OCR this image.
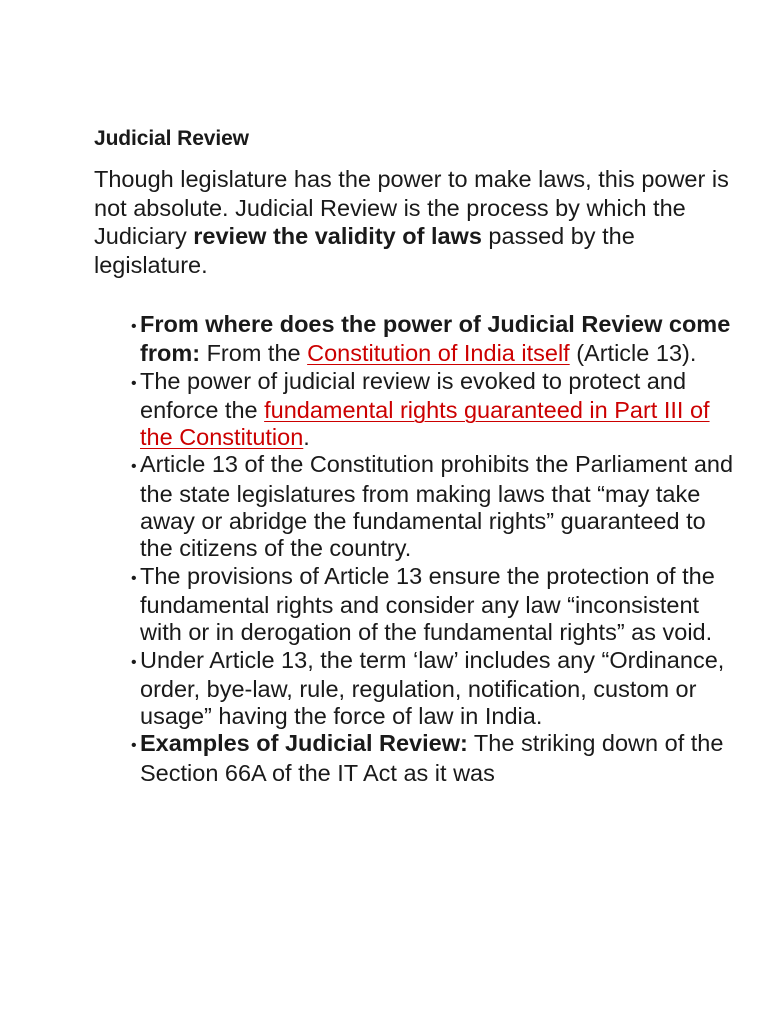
Judicial Review

Though legislature has the power to make laws, this power is not absolute. Judicial Review is the process by which the Judiciary review the validity of laws passed by the legislature.

• From where does the power of Judicial Review come from: From the Constitution of India itself (Article 13).
• The power of judicial review is evoked to protect and enforce the fundamental rights guaranteed in Part III of the Constitution.
• Article 13 of the Constitution prohibits the Parliament and the state legislatures from making laws that “may take away or abridge the fundamental rights” guaranteed to the citizens of the country.
• The provisions of Article 13 ensure the protection of the fundamental rights and consider any law “inconsistent with or in derogation of the fundamental rights” as void.
• Under Article 13, the term ‘law’ includes any “Ordinance, order, bye-law, rule, regulation, notification, custom or usage” having the force of law in India.
• Examples of Judicial Review: The striking down of the Section 66A of the IT Act as it was
